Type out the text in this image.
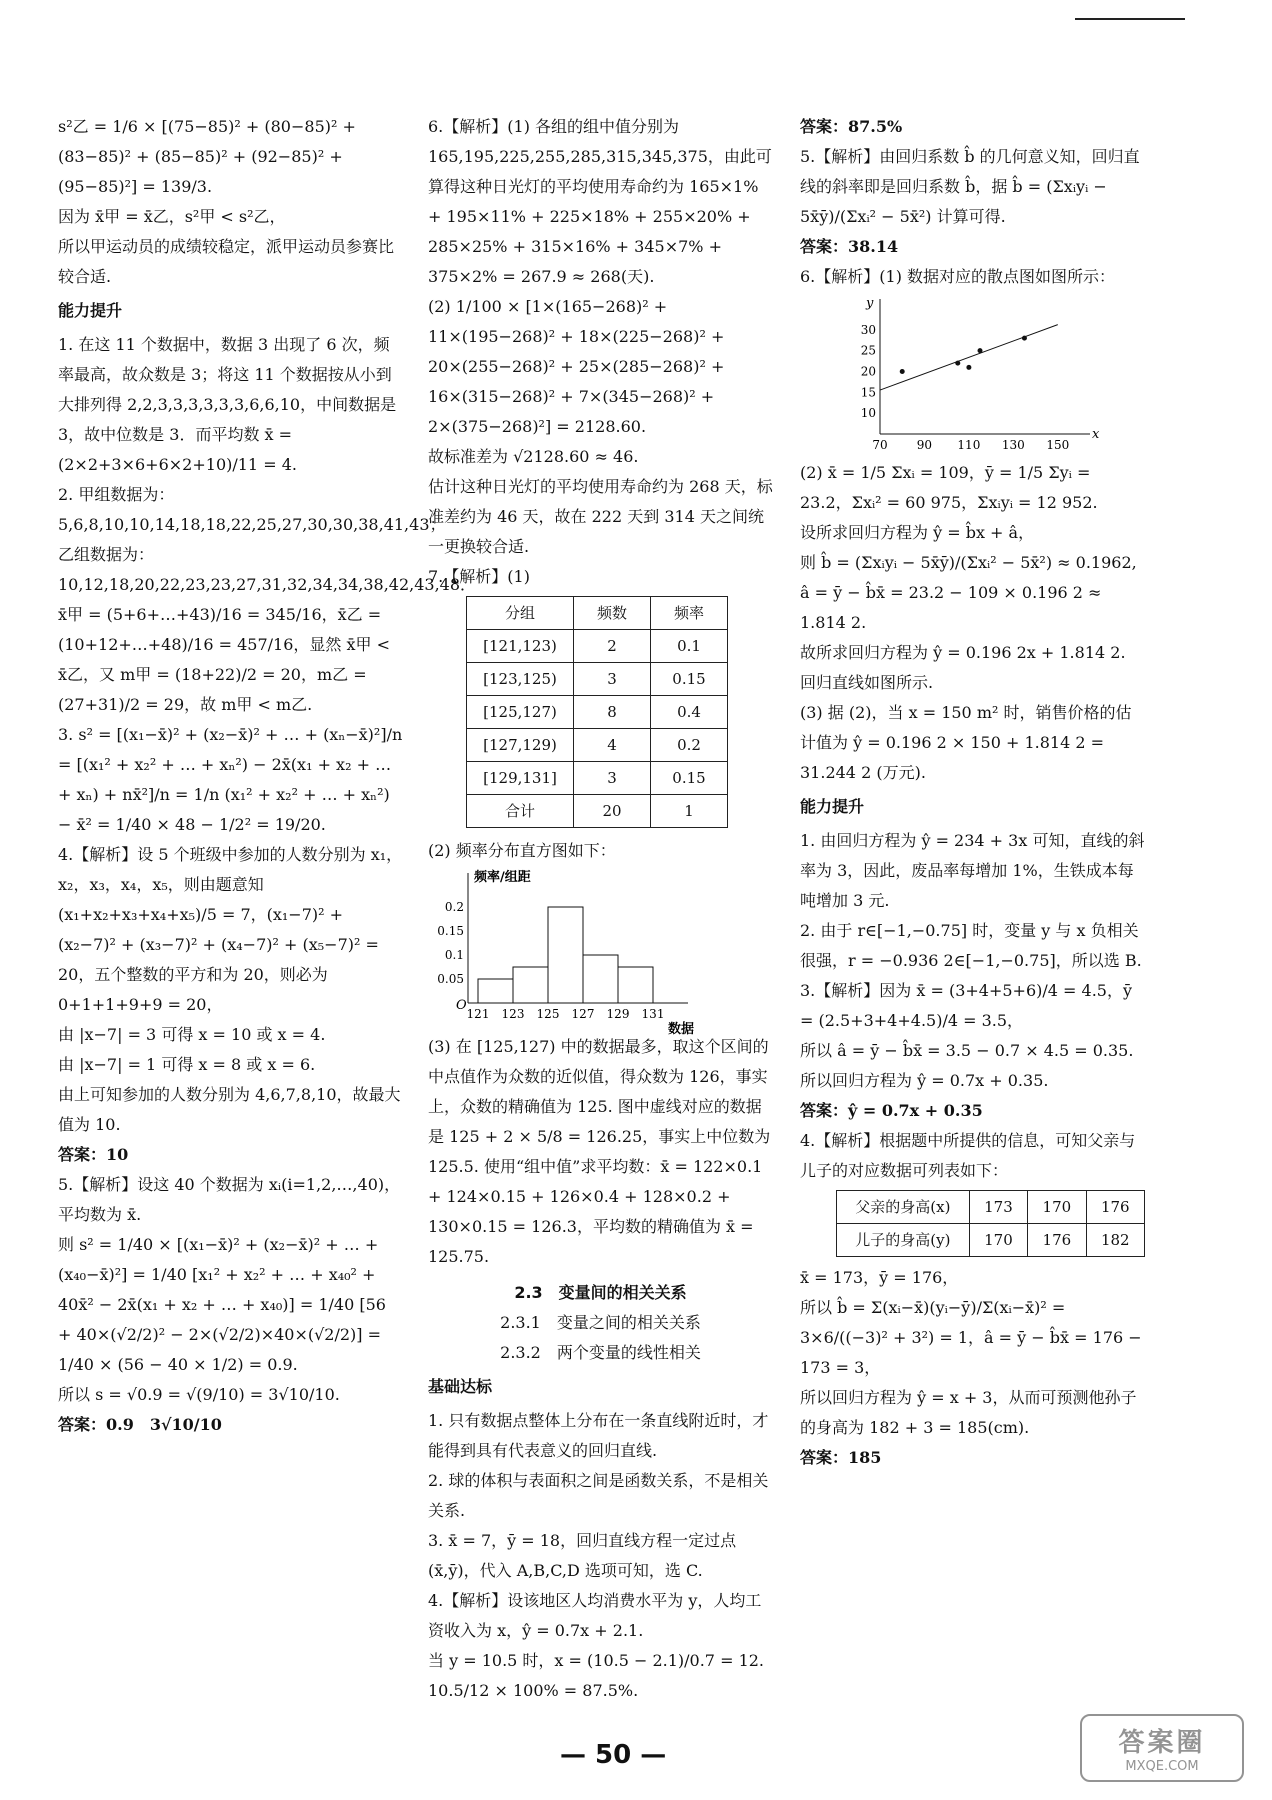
s²乙 = 1/6 × [(75−85)² + (80−85)² + (83−85)² + (85−85)² + (92−85)² + (95−85)²] = 139/3.

因为 x̄甲 = x̄乙，s²甲 < s²乙，

所以甲运动员的成绩较稳定，派甲运动员参赛比较合适.

能力提升

1. 在这 11 个数据中，数据 3 出现了 6 次，频率最高，故众数是 3；将这 11 个数据按从小到大排列得 2,2,3,3,3,3,3,3,6,6,10，中间数据是 3，故中位数是 3．而平均数 x̄ = (2×2+3×6+6×2+10)/11 = 4.

2. 甲组数据为：5,6,8,10,10,14,18,18,22,25,27,30,30,38,41,43；乙组数据为：10,12,18,20,22,23,23,27,31,32,34,34,38,42,43,48．x̄甲 = (5+6+…+43)/16 = 345/16，x̄乙 = (10+12+…+48)/16 = 457/16，显然 x̄甲 < x̄乙，又 m甲 = (18+22)/2 = 20，m乙 = (27+31)/2 = 29，故 m甲 < m乙.

3. s² = [(x₁−x̄)² + (x₂−x̄)² + … + (xₙ−x̄)²]/n = [(x₁² + x₂² + … + xₙ²) − 2x̄(x₁ + x₂ + … + xₙ) + nx̄²]/n = 1/n (x₁² + x₂² + … + xₙ²) − x̄² = 1/40 × 48 − 1/2² = 19/20.

4.【解析】设 5 个班级中参加的人数分别为 x₁，x₂，x₃，x₄，x₅，则由题意知 (x₁+x₂+x₃+x₄+x₅)/5 = 7，(x₁−7)² + (x₂−7)² + (x₃−7)² + (x₄−7)² + (x₅−7)² = 20，五个整数的平方和为 20，则必为 0+1+1+9+9 = 20，

由 |x−7| = 3 可得 x = 10 或 x = 4.

由 |x−7| = 1 可得 x = 8 或 x = 6.

由上可知参加的人数分别为 4,6,7,8,10，故最大值为 10.

答案：10

5.【解析】设这 40 个数据为 xᵢ(i=1,2,…,40)，平均数为 x̄.

则 s² = 1/40 × [(x₁−x̄)² + (x₂−x̄)² + … + (x₄₀−x̄)²] = 1/40 [x₁² + x₂² + … + x₄₀² + 40x̄² − 2x̄(x₁ + x₂ + … + x₄₀)] = 1/40 [56 + 40×(√2/2)² − 2×(√2/2)×40×(√2/2)] = 1/40 × (56 − 40 × 1/2) = 0.9.

所以 s = √0.9 = √(9/10) = 3√10/10.

答案：0.9　3√10/10

6.【解析】(1) 各组的组中值分别为 165,195,225,255,285,315,345,375，由此可算得这种日光灯的平均使用寿命约为 165×1% + 195×11% + 225×18% + 255×20% + 285×25% + 315×16% + 345×7% + 375×2% = 267.9 ≈ 268(天).

(2) 1/100 × [1×(165−268)² + 11×(195−268)² + 18×(225−268)² + 20×(255−268)² + 25×(285−268)² + 16×(315−268)² + 7×(345−268)² + 2×(375−268)²] = 2128.60.

故标准差为 √2128.60 ≈ 46.

估计这种日光灯的平均使用寿命约为 268 天，标准差约为 46 天，故在 222 天到 314 天之间统一更换较合适.

7.【解析】(1)

分组	频数	频率
[121,123)	2	0.1
[123,125)	3	0.15
[125,127)	8	0.4
[127,129)	4	0.2
[129,131]	3	0.15
合计	20	1

(2) 频率分布直方图如下：

121 123 125 127 129 131
0.05
0.1
0.15
0.2
频率/组距
数据
O

(3) 在 [125,127) 中的数据最多，取这个区间的中点值作为众数的近似值，得众数为 126，事实上，众数的精确值为 125. 图中虚线对应的数据是 125 + 2 × 5/8 = 126.25，事实上中位数为 125.5. 使用“组中值”求平均数：x̄ = 122×0.1 + 124×0.15 + 126×0.4 + 128×0.2 + 130×0.15 = 126.3，平均数的精确值为 x̄ = 125.75.

2.3　变量间的相关关系

2.3.1　变量之间的相关关系

2.3.2　两个变量的线性相关

基础达标

1. 只有数据点整体上分布在一条直线附近时，才能得到具有代表意义的回归直线.

2. 球的体积与表面积之间是函数关系，不是相关关系.

3. x̄ = 7，ȳ = 18，回归直线方程一定过点 (x̄,ȳ)，代入 A,B,C,D 选项可知，选 C.

4.【解析】设该地区人均消费水平为 y，人均工资收入为 x，ŷ = 0.7x + 2.1.

当 y = 10.5 时，x = (10.5 − 2.1)/0.7 = 12.

10.5/12 × 100% = 87.5%.

答案：87.5%

5.【解析】由回归系数 b̂ 的几何意义知，回归直线的斜率即是回归系数 b̂，据 b̂ = (Σxᵢyᵢ − 5x̄ȳ)/(Σxᵢ² − 5x̄²) 计算可得.

答案：38.14

6.【解析】(1) 数据对应的散点图如图所示：

70 90 110 130 150
10
15
20
25
30
x
y

(2) x̄ = 1/5 Σxᵢ = 109，ȳ = 1/5 Σyᵢ = 23.2，Σxᵢ² = 60 975，Σxᵢyᵢ = 12 952.

设所求回归方程为 ŷ = b̂x + â，

则 b̂ = (Σxᵢyᵢ − 5x̄ȳ)/(Σxᵢ² − 5x̄²) ≈ 0.1962,

â = ȳ − b̂x̄ = 23.2 − 109 × 0.196 2 ≈ 1.814 2.

故所求回归方程为 ŷ = 0.196 2x + 1.814 2. 回归直线如图所示.

(3) 据 (2)，当 x = 150 m² 时，销售价格的估计值为 ŷ = 0.196 2 × 150 + 1.814 2 = 31.244 2 (万元).

能力提升

1. 由回归方程为 ŷ = 234 + 3x 可知，直线的斜率为 3，因此，废品率每增加 1%，生铁成本每吨增加 3 元.

2. 由于 r∈[−1,−0.75] 时，变量 y 与 x 负相关很强，r = −0.936 2∈[−1,−0.75]，所以选 B.

3.【解析】因为 x̄ = (3+4+5+6)/4 = 4.5，ȳ = (2.5+3+4+4.5)/4 = 3.5，

所以 â = ȳ − b̂x̄ = 3.5 − 0.7 × 4.5 = 0.35.

所以回归方程为 ŷ = 0.7x + 0.35.

答案：ŷ = 0.7x + 0.35

4.【解析】根据题中所提供的信息，可知父亲与儿子的对应数据可列表如下：

父亲的身高(x)	173	170	176
儿子的身高(y)	170	176	182

x̄ = 173，ȳ = 176，

所以 b̂ = Σ(xᵢ−x̄)(yᵢ−ȳ)/Σ(xᵢ−x̄)² = 3×6/((−3)² + 3²) = 1，â = ȳ − b̂x̄ = 176 − 173 = 3，

所以回归方程为 ŷ = x + 3，从而可预测他孙子的身高为 182 + 3 = 185(cm).

答案：185

— 50 —	答案圈
MXQE.COM
